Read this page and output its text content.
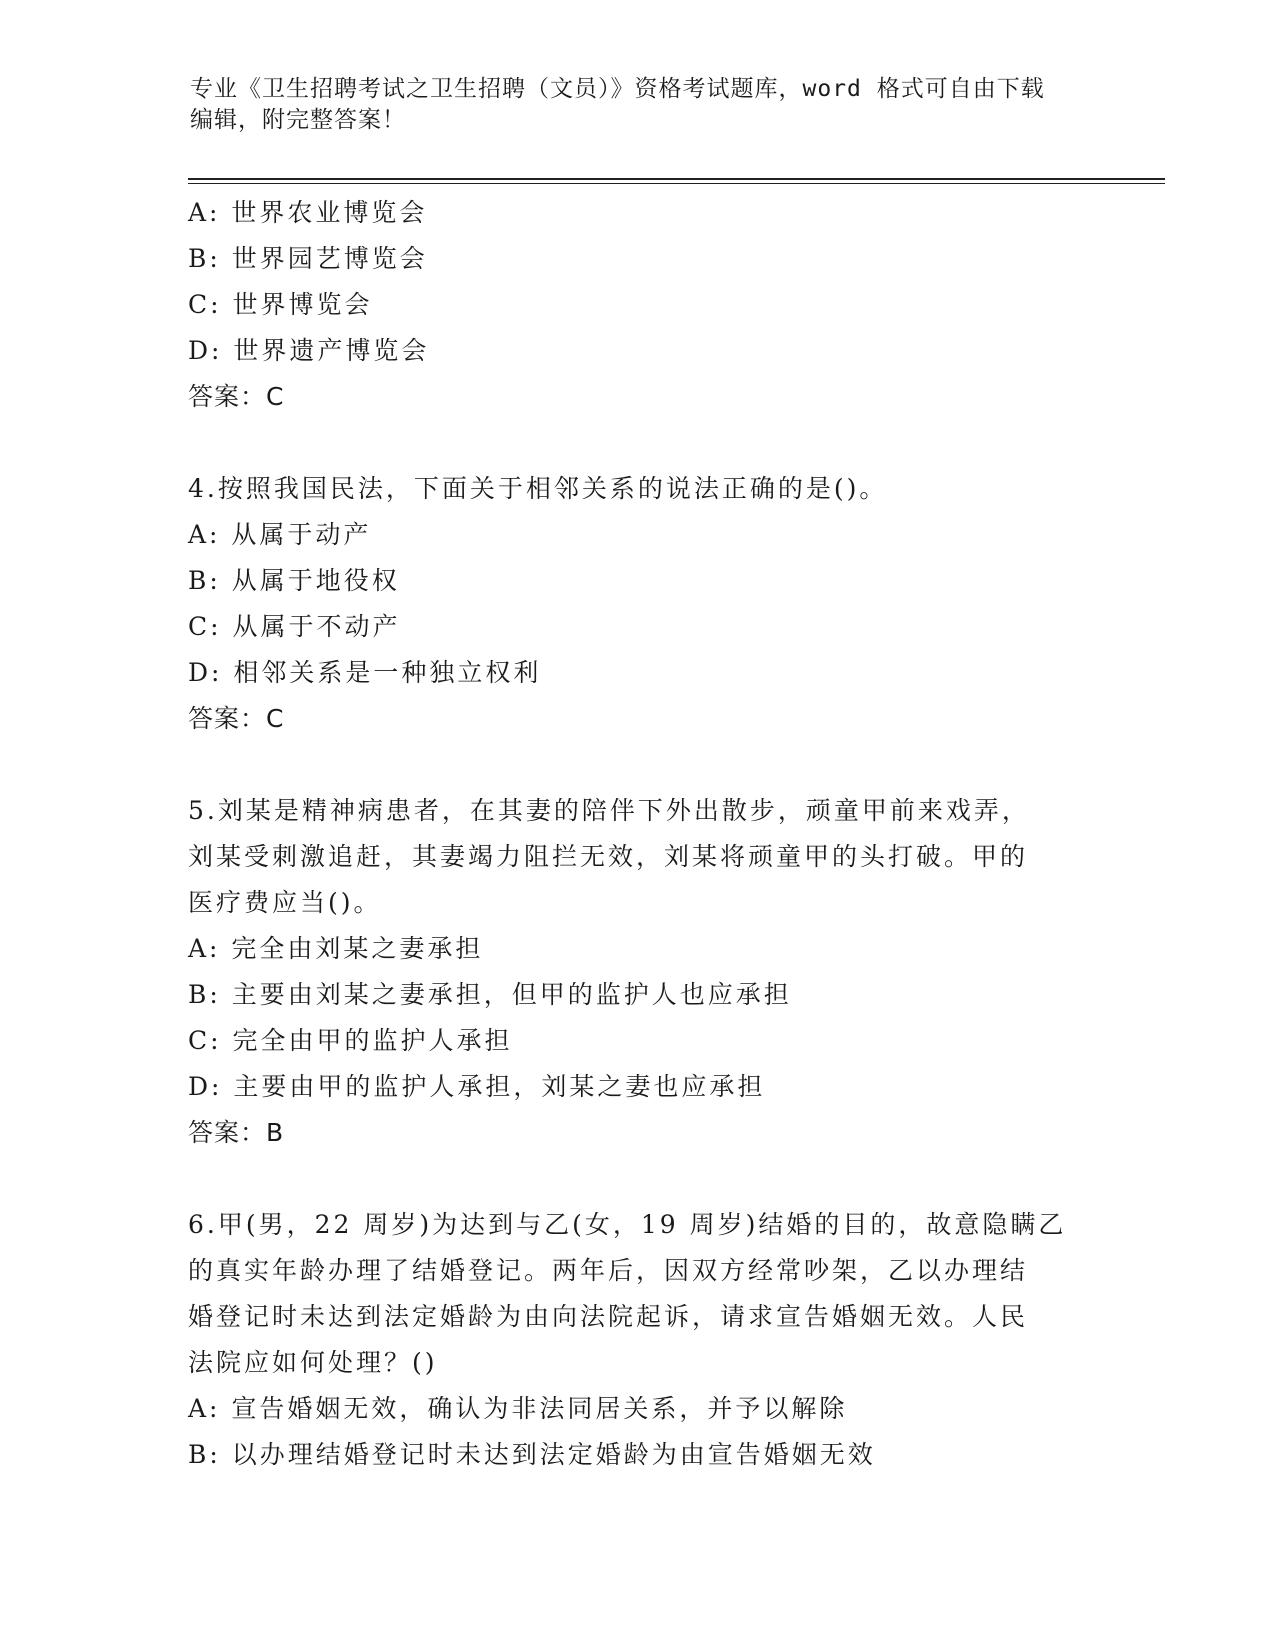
专业《卫生招聘考试之卫生招聘（文员）》资格考试题库，word 格式可自由下载
编辑，附完整答案！
A: 世界农业博览会
B: 世界园艺博览会
C: 世界博览会
D: 世界遗产博览会
答案：C
4.按照我国民法，下面关于相邻关系的说法正确的是()。
A: 从属于动产
B: 从属于地役权
C: 从属于不动产
D: 相邻关系是一种独立权利
答案：C
5.刘某是精神病患者，在其妻的陪伴下外出散步，顽童甲前来戏弄，
刘某受刺激追赶，其妻竭力阻拦无效，刘某将顽童甲的头打破。甲的
医疗费应当()。
A: 完全由刘某之妻承担
B: 主要由刘某之妻承担，但甲的监护人也应承担
C: 完全由甲的监护人承担
D: 主要由甲的监护人承担，刘某之妻也应承担
答案：B
6.甲(男，22 周岁)为达到与乙(女，19 周岁)结婚的目的，故意隐瞒乙
的真实年龄办理了结婚登记。两年后，因双方经常吵架，乙以办理结
婚登记时未达到法定婚龄为由向法院起诉，请求宣告婚姻无效。人民
法院应如何处理？()
A: 宣告婚姻无效，确认为非法同居关系，并予以解除
B: 以办理结婚登记时未达到法定婚龄为由宣告婚姻无效
